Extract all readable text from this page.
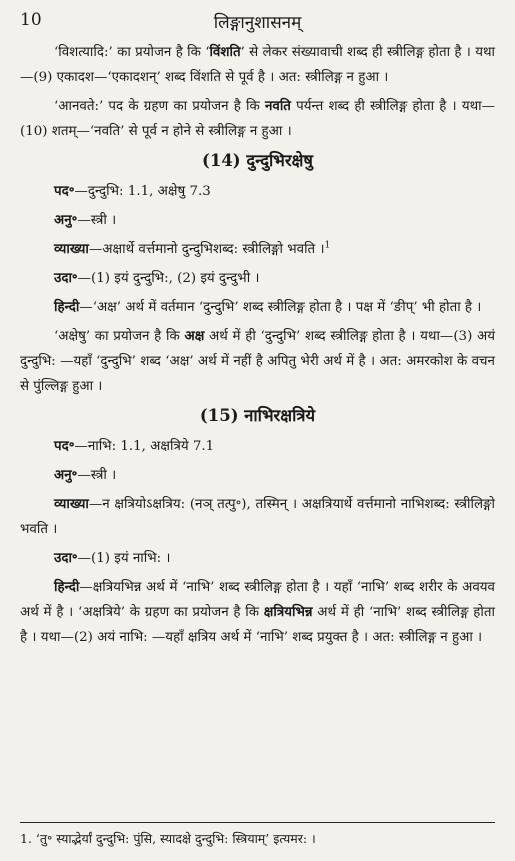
10	लिङ्गानुशासनम्

‘विशत्यादि:’ का प्रयोजन है कि ‘विंशति’ से लेकर संख्यावाची शब्द ही स्त्रीलिङ्ग होता है । यथा—(9) एकादश—‘एकादशन्’ शब्द विंशति से पूर्व है । अत: स्त्रीलिङ्ग न हुआ ।

‘आनवते:’ पद के ग्रहण का प्रयोजन है कि नवति पर्यन्त शब्द ही स्त्रीलिङ्ग होता है । यथा—(10) शतम्—‘नवति’ से पूर्व न होने से स्त्रीलिङ्ग न हुआ ।

(14) दुन्दुभिरक्षेषु

पद॰—दुन्दुभि: 1.1, अक्षेषु 7.3

अनु॰—स्त्री ।

व्याख्या—अक्षार्थे वर्त्तमानो दुन्दुभिशब्द: स्त्रीलिङ्गो भवति ।$^1$

उदा॰—(1) इयं दुन्दुभि:, (2) इयं दुन्दुभी ।

हिन्दी—‘अक्ष’ अर्थ में वर्तमान ‘दुन्दुभि’ शब्द स्त्रीलिङ्ग होता है । पक्ष में ‘ङीप्’ भी होता है ।

‘अक्षेषु’ का प्रयोजन है कि अक्ष अर्थ में ही ‘दुन्दुभि’ शब्द स्त्रीलिङ्ग होता है । यथा—(3) अयं दुन्दुभि: —यहाँ ‘दुन्दुभि’ शब्द ‘अक्ष’ अर्थ में नहीं है अपितु भेरी अर्थ में है । अत: अमरकोश के वचन से पुंल्लिङ्ग हुआ ।

(15) नाभिरक्षत्रिये

पद॰—नाभि: 1.1, अक्षत्रिये 7.1

अनु॰—स्त्री ।

व्याख्या—न क्षत्रियोऽक्षत्रिय: (नञ् तत्पु॰), तस्मिन् । अक्षत्रियार्थे वर्त्तमानो नाभिशब्द: स्त्रीलिङ्गो भवति ।

उदा॰—(1) इयं नाभि: ।

हिन्दी—क्षत्रियभिन्न अर्थ में ‘नाभि’ शब्द स्त्रीलिङ्ग होता है । यहाँ ‘नाभि’ शब्द शरीर के अवयव अर्थ में है । ‘अक्षत्रिये’ के ग्रहण का प्रयोजन है कि क्षत्रियभिन्न अर्थ में ही ‘नाभि’ शब्द स्त्रीलिङ्ग होता है । यथा—(2) अयं नाभि: —यहाँ क्षत्रिय अर्थ में ‘नाभि’ शब्द प्रयुक्त है । अत: स्त्रीलिङ्ग न हुआ ।

1. ‘तु॰ स्याद्भेर्यां दुन्दुभि: पुंसि, स्यादक्षे दुन्दुभि: स्त्रियाम्’ इत्यमर: ।
